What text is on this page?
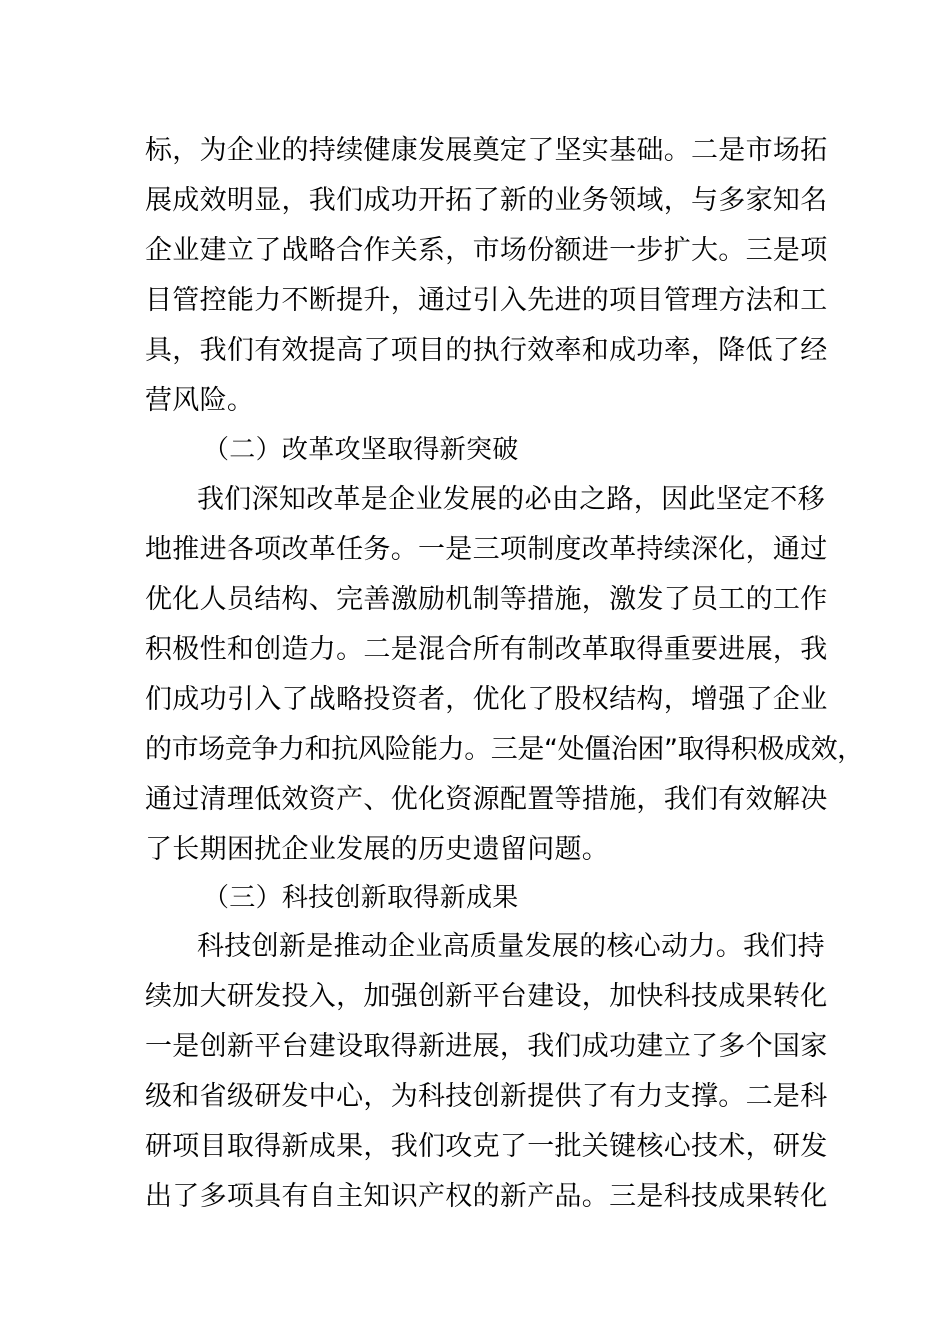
标，为企业的持续健康发展奠定了坚实基础。二是市场拓
展成效明显，我们成功开拓了新的业务领域，与多家知名
企业建立了战略合作关系，市场份额进一步扩大。三是项
目管控能力不断提升，通过引入先进的项目管理方法和工
具，我们有效提高了项目的执行效率和成功率，降低了经
营风险。
（二）改革攻坚取得新突破
我们深知改革是企业发展的必由之路，因此坚定不移
地推进各项改革任务。一是三项制度改革持续深化，通过
优化人员结构、完善激励机制等措施，激发了员工的工作
积极性和创造力。二是混合所有制改革取得重要进展，我
们成功引入了战略投资者，优化了股权结构，增强了企业
的市场竞争力和抗风险能力。三是“处僵治困”取得积极成效，
通过清理低效资产、优化资源配置等措施，我们有效解决
了长期困扰企业发展的历史遗留问题。
（三）科技创新取得新成果
科技创新是推动企业高质量发展的核心动力。我们持
续加大研发投入，加强创新平台建设，加快科技成果转化
一是创新平台建设取得新进展，我们成功建立了多个国家
级和省级研发中心，为科技创新提供了有力支撑。二是科
研项目取得新成果，我们攻克了一批关键核心技术，研发
出了多项具有自主知识产权的新产品。三是科技成果转化
